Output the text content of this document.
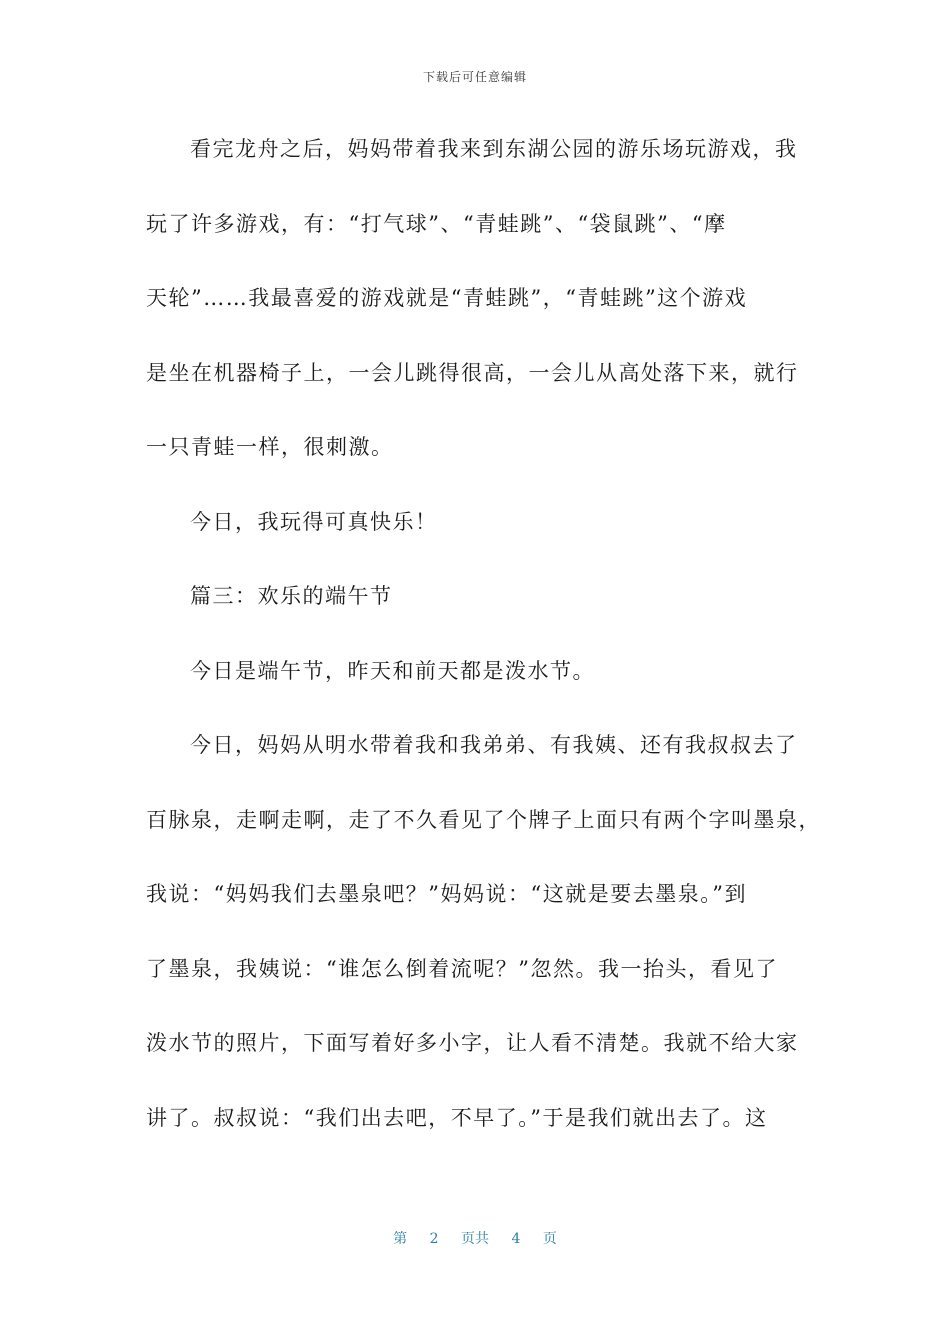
下载后可任意编辑
看完龙舟之后，妈妈带着我来到东湖公园的游乐场玩游戏，我
玩了许多游戏，有：“打气球”、“青蛙跳”、“袋鼠跳”、“摩
天轮”……我最喜爱的游戏就是“青蛙跳”，“青蛙跳”这个游戏
是坐在机器椅子上，一会儿跳得很高，一会儿从高处落下来，就行
一只青蛙一样，很刺激。
今日，我玩得可真快乐！
篇三：欢乐的端午节
今日是端午节，昨天和前天都是泼水节。
今日，妈妈从明水带着我和我弟弟、有我姨、还有我叔叔去了
百脉泉，走啊走啊，走了不久看见了个牌子上面只有两个字叫墨泉，
我说：“妈妈我们去墨泉吧？”妈妈说：“这就是要去墨泉。”到
了墨泉，我姨说：“谁怎么倒着流呢？”忽然。我一抬头，看见了
泼水节的照片，下面写着好多小字，让人看不清楚。我就不给大家
讲了。叔叔说：“我们出去吧，不早了。”于是我们就出去了。这
第 2 页共 4 页
